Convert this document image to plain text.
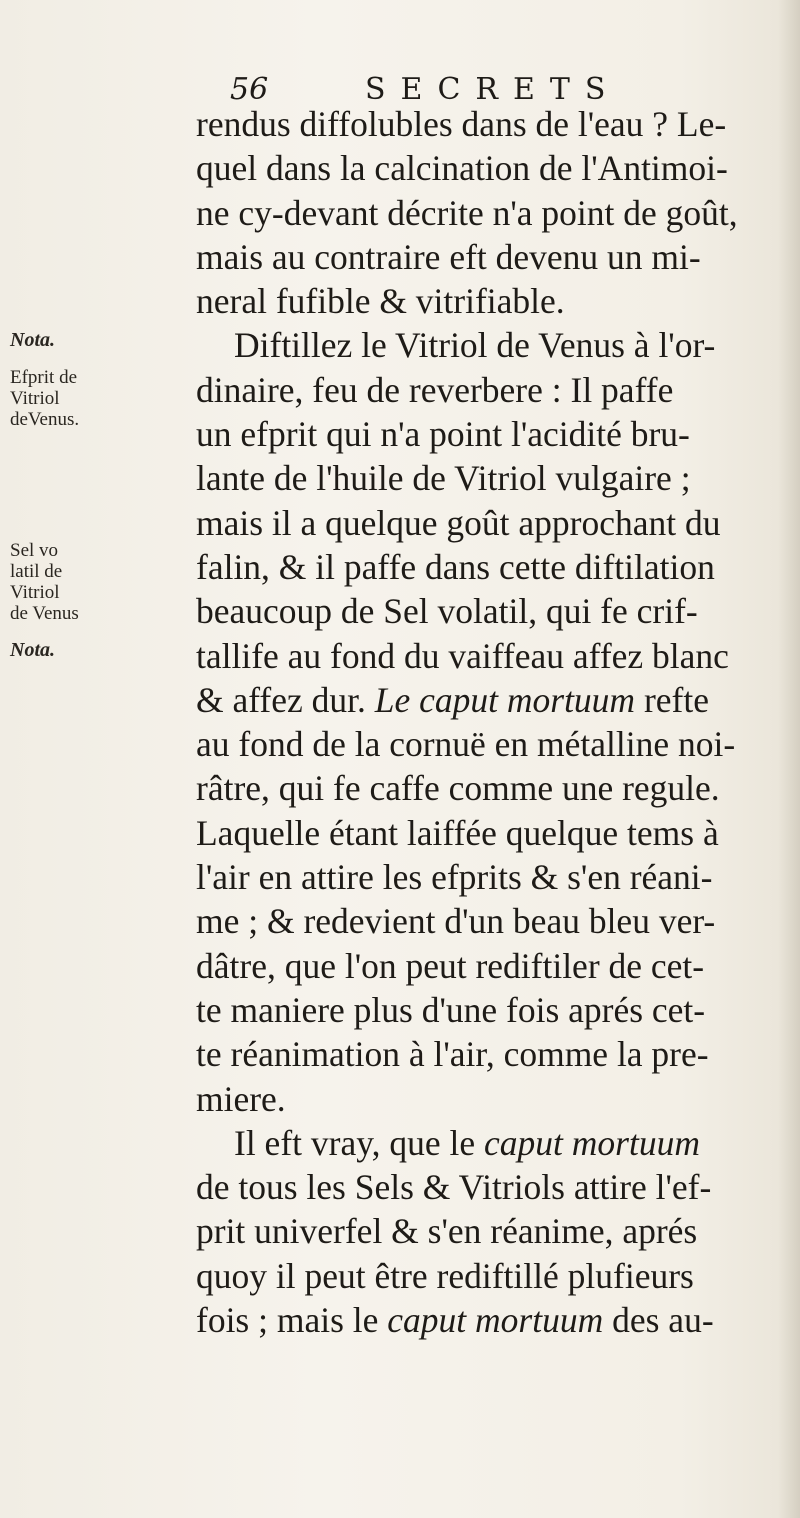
56	SECRETS
Nota.
Efprit de
Vitriol
deVenus.
Sel vo
latil de
Vitriol
de Venus
Nota.
rendus diffolubles dans de l'eau ? Le-
quel dans la calcination de l'Antimoi-
ne cy-devant décrite n'a point de goût,
mais au contraire eft devenu un mi-
neral fufible & vitrifiable.
Diftillez le Vitriol de Venus à l'or-
dinaire, feu de reverbere : Il paffe
un efprit qui n'a point l'acidité bru-
lante de l'huile de Vitriol vulgaire ;
mais il a quelque goût approchant du
falin, & il paffe dans cette diftilation
beaucoup de Sel volatil, qui fe crif-
tallife au fond du vaiffeau affez blanc
& affez dur. Le caput mortuum refte
au fond de la cornuë en métalline noi-
râtre, qui fe caffe comme une regule.
Laquelle étant laiffée quelque tems à
l'air en attire les efprits & s'en réani-
me ; & redevient d'un beau bleu ver-
dâtre, que l'on peut rediftiler de cet-
te maniere plus d'une fois aprés cet-
te réanimation à l'air, comme la pre-
miere.
Il eft vray, que le caput mortuum
de tous les Sels & Vitriols attire l'ef-
prit univerfel & s'en réanime, aprés
quoy il peut être rediftillé plufieurs
fois ; mais le caput mortuum des au-
